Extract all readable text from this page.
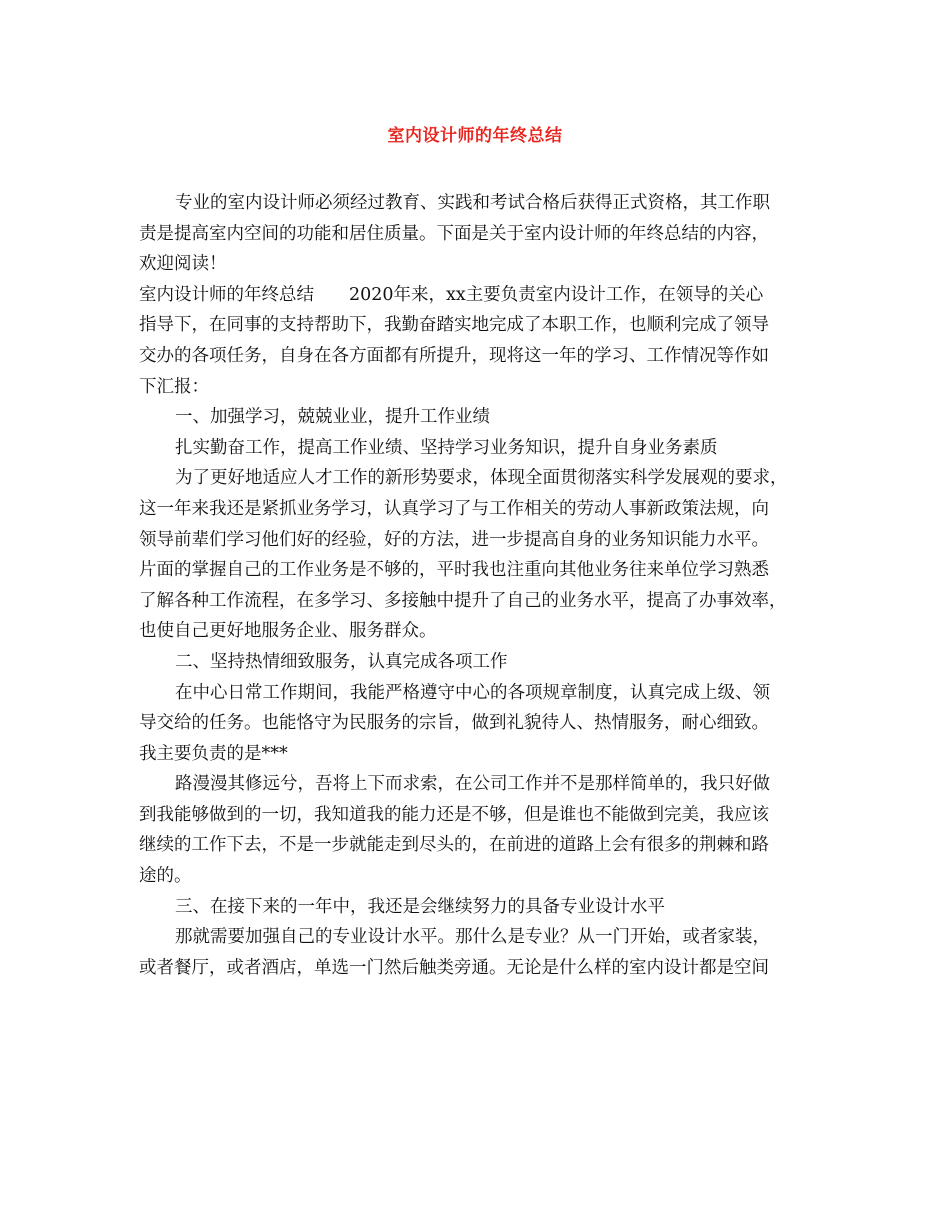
室内设计师的年终总结

专业的室内设计师必须经过教育、实践和考试合格后获得正式资格，其工作职

责是提高室内空间的功能和居住质量。下面是关于室内设计师的年终总结的内容，

欢迎阅读！

室内设计师的年终总结　　2020年来，xx主要负责室内设计工作，在领导的关心

指导下，在同事的支持帮助下，我勤奋踏实地完成了本职工作，也顺利完成了领导

交办的各项任务，自身在各方面都有所提升，现将这一年的学习、工作情况等作如

下汇报：

一、加强学习，兢兢业业，提升工作业绩

扎实勤奋工作，提高工作业绩、坚持学习业务知识，提升自身业务素质

为了更好地适应人才工作的新形势要求，体现全面贯彻落实科学发展观的要求，

这一年来我还是紧抓业务学习，认真学习了与工作相关的劳动人事新政策法规，向

领导前辈们学习他们好的经验，好的方法，进一步提高自身的业务知识能力水平。

片面的掌握自己的工作业务是不够的，平时我也注重向其他业务往来单位学习熟悉

了解各种工作流程，在多学习、多接触中提升了自己的业务水平，提高了办事效率，

也使自己更好地服务企业、服务群众。

二、坚持热情细致服务，认真完成各项工作

在中心日常工作期间，我能严格遵守中心的各项规章制度，认真完成上级、领

导交给的任务。也能恪守为民服务的宗旨，做到礼貌待人、热情服务，耐心细致。

我主要负责的是***

路漫漫其修远兮，吾将上下而求索，在公司工作并不是那样简单的，我只好做

到我能够做到的一切，我知道我的能力还是不够，但是谁也不能做到完美，我应该

继续的工作下去，不是一步就能走到尽头的，在前进的道路上会有很多的荆棘和路

途的。

三、在接下来的一年中，我还是会继续努力的具备专业设计水平

那就需要加强自己的专业设计水平。那什么是专业？从一门开始，或者家装，

或者餐厅，或者酒店，单选一门然后触类旁通。无论是什么样的室内设计都是空间
